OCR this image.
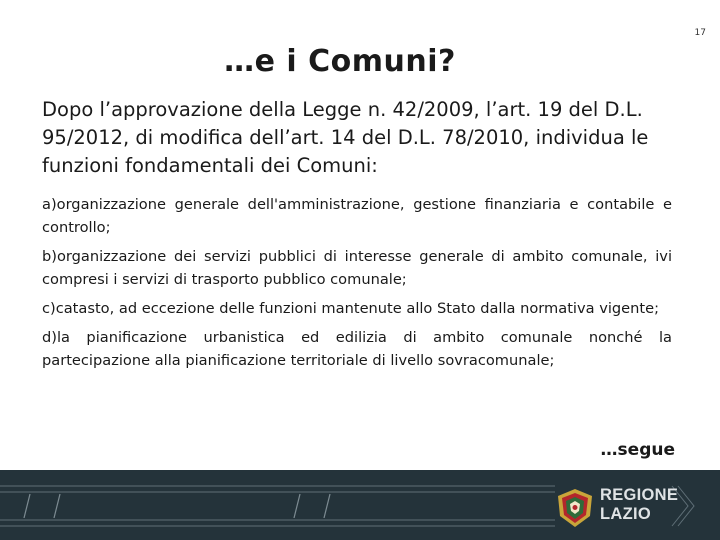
17
…e i Comuni?
Dopo l’approvazione della Legge n. 42/2009, l’art. 19 del D.L. 95/2012, di modifica dell’art. 14 del D.L. 78/2010, individua le funzioni fondamentali dei Comuni:
a)organizzazione generale dell'amministrazione, gestione finanziaria e contabile e controllo;
b)organizzazione dei servizi pubblici di interesse generale di ambito comunale, ivi compresi i servizi di trasporto pubblico comunale;
c)catasto, ad eccezione delle funzioni mantenute allo Stato dalla normativa vigente;
d)la pianificazione urbanistica ed edilizia di ambito comunale nonché la partecipazione alla pianificazione territoriale di livello sovracomunale;
…segue
REGIONE
LAZIO
